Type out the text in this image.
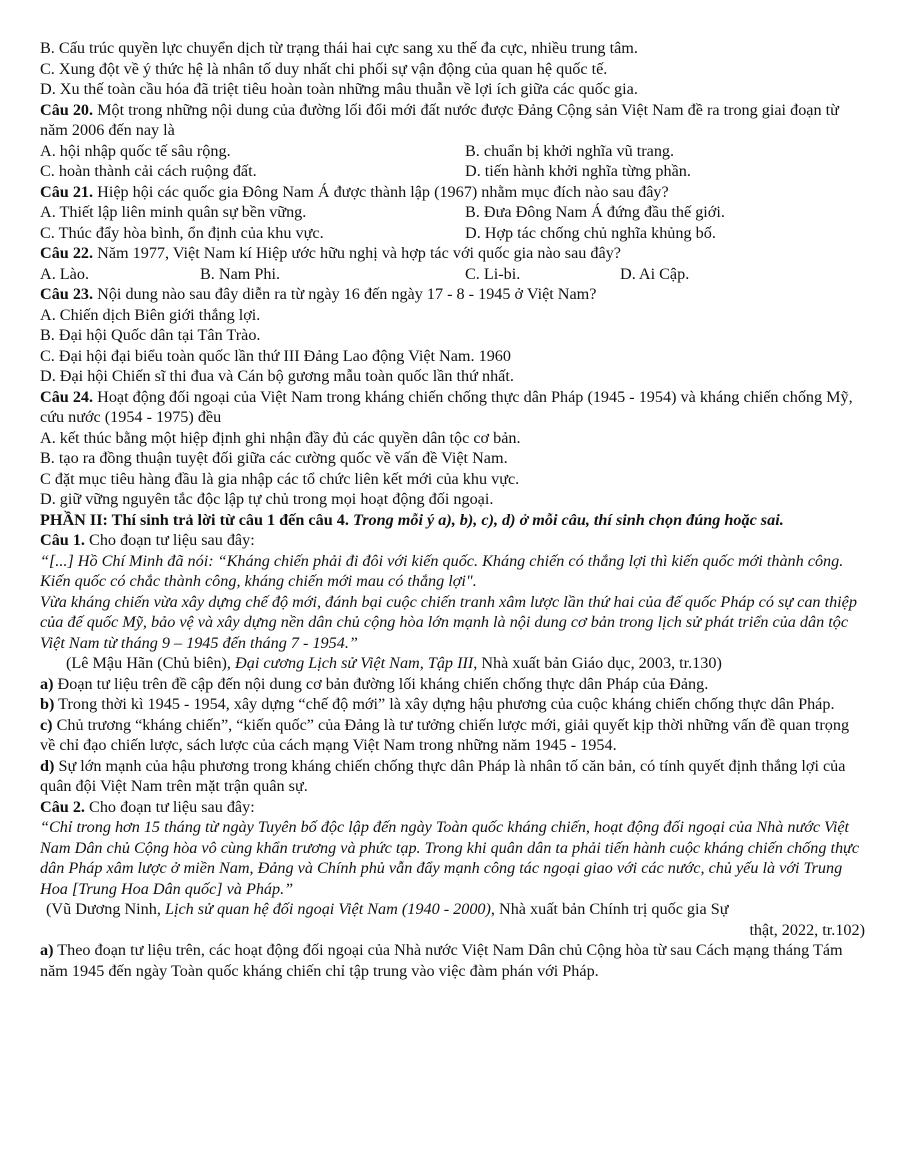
B. Cấu trúc quyền lực chuyển dịch từ trạng thái hai cực sang xu thế đa cực, nhiều trung tâm.
C. Xung đột về ý thức hệ là nhân tố duy nhất chi phối sự vận động của quan hệ quốc tế.
D. Xu thế toàn cầu hóa đã triệt tiêu hoàn toàn những mâu thuẫn về lợi ích giữa các quốc gia.
Câu 20. Một trong những nội dung của đường lối đổi mới đất nước được Đảng Cộng sản Việt Nam đề ra trong giai đoạn từ năm 2006 đến nay là
A. hội nhập quốc tế sâu rộng.	B. chuẩn bị khởi nghĩa vũ trang.
C. hoàn thành cải cách ruộng đất.	D. tiến hành khởi nghĩa từng phần.
Câu 21. Hiệp hội các quốc gia Đông Nam Á được thành lập (1967) nhằm mục đích nào sau đây?
A. Thiết lập liên minh quân sự bền vững.	B. Đưa Đông Nam Á đứng đầu thế giới.
C. Thúc đẩy hòa bình, ổn định của khu vực.	D. Hợp tác chống chủ nghĩa khủng bố.
Câu 22. Năm 1977, Việt Nam kí Hiệp ước hữu nghị và hợp tác với quốc gia nào sau đây?
A. Lào.	B. Nam Phi.	C. Li-bi.	D. Ai Cập.
Câu 23. Nội dung nào sau đây diễn ra từ ngày 16 đến ngày 17 - 8 - 1945 ở Việt Nam?
A. Chiến dịch Biên giới thắng lợi.
B. Đại hội Quốc dân tại Tân Trào.
C. Đại hội đại biểu toàn quốc lần thứ III Đảng Lao động Việt Nam. 1960
D. Đại hội Chiến sĩ thi đua và Cán bộ gương mẫu toàn quốc lần thứ nhất.
Câu 24. Hoạt động đối ngoại của Việt Nam trong kháng chiến chống thực dân Pháp (1945 - 1954) và kháng chiến chống Mỹ, cứu nước (1954 - 1975) đều
A. kết thúc bằng một hiệp định ghi nhận đầy đủ các quyền dân tộc cơ bản.
B. tạo ra đồng thuận tuyệt đối giữa các cường quốc về vấn đề Việt Nam.
C đặt mục tiêu hàng đầu là gia nhập các tổ chức liên kết mới của khu vực.
D. giữ vững nguyên tắc độc lập tự chủ trong mọi hoạt động đối ngoại.
PHẦN II: Thí sinh trả lời từ câu 1 đến câu 4. Trong mỗi ý a), b), c), d) ở mỗi câu, thí sinh chọn đúng hoặc sai.
Câu 1. Cho đoạn tư liệu sau đây:
“[...] Hồ Chí Minh đã nói: “Kháng chiến phải đi đôi với kiến quốc. Kháng chiến có thắng lợi thì kiến quốc mới thành công. Kiến quốc có chắc thành công, kháng chiến mới mau có thắng lợi".
Vừa kháng chiến vừa xây dựng chế độ mới, đánh bại cuộc chiến tranh xâm lược lần thứ hai của đế quốc Pháp có sự can thiệp của đế quốc Mỹ, bảo vệ và xây dựng nền dân chủ cộng hòa lớn mạnh là nội dung cơ bản trong lịch sử phát triển của dân tộc Việt Nam từ tháng 9 – 1945 đến tháng 7 - 1954.”
(Lê Mậu Hãn (Chủ biên), Đại cương Lịch sử Việt Nam, Tập III, Nhà xuất bản Giáo dục, 2003, tr.130)
a) Đoạn tư liệu trên đề cập đến nội dung cơ bản đường lối kháng chiến chống thực dân Pháp của Đảng.
b) Trong thời kì 1945 - 1954, xây dựng “chế độ mới” là xây dựng hậu phương của cuộc kháng chiến chống thực dân Pháp.
c) Chủ trương “kháng chiến”, “kiến quốc” của Đảng là tư tưởng chiến lược mới, giải quyết kịp thời những vấn đề quan trọng về chỉ đạo chiến lược, sách lược của cách mạng Việt Nam trong những năm 1945 - 1954.
d) Sự lớn mạnh của hậu phương trong kháng chiến chống thực dân Pháp là nhân tố căn bản, có tính quyết định thắng lợi của quân đội Việt Nam trên mặt trận quân sự.
Câu 2. Cho đoạn tư liệu sau đây:
“Chỉ trong hơn 15 tháng từ ngày Tuyên bố độc lập đến ngày Toàn quốc kháng chiến, hoạt động đối ngoại của Nhà nước Việt Nam Dân chủ Cộng hòa vô cùng khẩn trương và phức tạp. Trong khi quân dân ta phải tiến hành cuộc kháng chiến chống thực dân Pháp xâm lược ở miền Nam, Đảng và Chính phủ vẫn đẩy mạnh công tác ngoại giao với các nước, chủ yếu là với Trung Hoa [Trung Hoa Dân quốc] và Pháp.”
(Vũ Dương Ninh, Lịch sử quan hệ đối ngoại Việt Nam (1940 - 2000), Nhà xuất bản Chính trị quốc gia Sự
thật, 2022, tr.102)
a) Theo đoạn tư liệu trên, các hoạt động đối ngoại của Nhà nước Việt Nam Dân chủ Cộng hòa từ sau Cách mạng tháng Tám năm 1945 đến ngày Toàn quốc kháng chiến chỉ tập trung vào việc đàm phán với Pháp.
